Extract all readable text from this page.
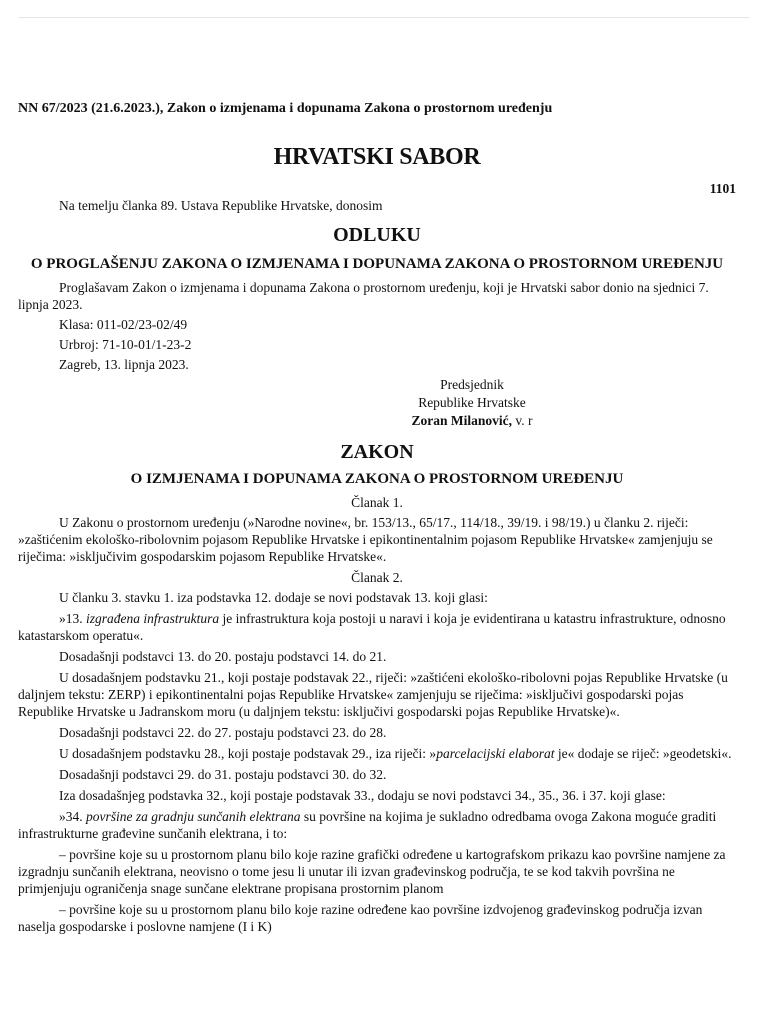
NN 67/2023 (21.6.2023.), Zakon o izmjenama i dopunama Zakona o prostornom uređenju

HRVATSKI SABOR
1101

Na temelju članka 89. Ustava Republike Hrvatske, donosim

ODLUKU
O PROGLAŠENJU ZAKONA O IZMJENAMA I DOPUNAMA ZAKONA O PROSTORNOM UREĐENJU

Proglašavam Zakon o izmjenama i dopunama Zakona o prostornom uređenju, koji je Hrvatski sabor donio na sjednici 7. lipnja 2023.

Klasa: 011-02/23-02/49

Urbroj: 71-10-01/1-23-2

Zagreb, 13. lipnja 2023.

Predsjednik

Republike Hrvatske

Zoran Milanović, v. r

ZAKON
O IZMJENAMA I DOPUNAMA ZAKONA O PROSTORNOM UREĐENJU

Članak 1.

U Zakonu o prostornom uređenju (»Narodne novine«, br. 153/13., 65/17., 114/18., 39/19. i 98/19.) u članku 2. riječi: »zaštićenim ekološko-ribolovnim pojasom Republike Hrvatske i epikontinentalnim pojasom Republike Hrvatske« zamjenjuju se riječima: »isključivim gospodarskim pojasom Republike Hrvatske«.

Članak 2.

U članku 3. stavku 1. iza podstavka 12. dodaje se novi podstavak 13. koji glasi:

»13. izgrađena infrastruktura je infrastruktura koja postoji u naravi i koja je evidentirana u katastru infrastrukture, odnosno katastarskom operatu«.

Dosadašnji podstavci 13. do 20. postaju podstavci 14. do 21.

U dosadašnjem podstavku 21., koji postaje podstavak 22., riječi: »zaštićeni ekološko-ribolovni pojas Republike Hrvatske (u daljnjem tekstu: ZERP) i epikontinentalni pojas Republike Hrvatske« zamjenjuju se riječima: »isključivi gospodarski pojas Republike Hrvatske u Jadranskom moru (u daljnjem tekstu: isključivi gospodarski pojas Republike Hrvatske)«.

Dosadašnji podstavci 22. do 27. postaju podstavci 23. do 28.

U dosadašnjem podstavku 28., koji postaje podstavak 29., iza riječi: »parcelacijski elaborat je« dodaje se riječ: »geodetski«.

Dosadašnji podstavci 29. do 31. postaju podstavci 30. do 32.

Iza dosadašnjeg podstavka 32., koji postaje podstavak 33., dodaju se novi podstavci 34., 35., 36. i 37. koji glase:

»34. površine za gradnju sunčanih elektrana su površine na kojima je sukladno odredbama ovoga Zakona moguće graditi infrastrukturne građevine sunčanih elektrana, i to:

– površine koje su u prostornom planu bilo koje razine grafički određene u kartografskom prikazu kao površine namjene za izgradnju sunčanih elektrana, neovisno o tome jesu li unutar ili izvan građevinskog područja, te se kod takvih površina ne primjenjuju ograničenja snage sunčane elektrane propisana prostornim planom

– površine koje su u prostornom planu bilo koje razine određene kao površine izdvojenog građevinskog područja izvan naselja gospodarske i poslovne namjene (I i K)
